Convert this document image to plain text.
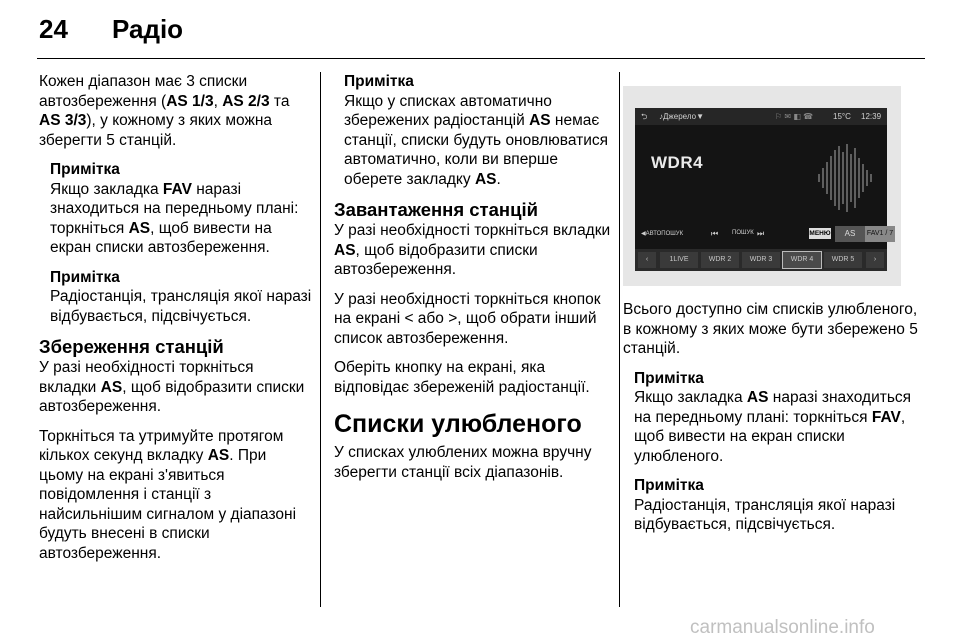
24 Радіо

Кожен діапазон має 3 списки автозбереження (AS 1/3, AS 2/3 та AS 3/3), у кожному з яких можна зберегти 5 станцій.

Примітка
Якщо закладка FAV наразі знаходиться на передньому плані: торкніться AS, щоб вивести на екран списки автозбереження.
Примітка
Радіостанція, трансляція якої наразі відбувається, підсвічується.
Збереження станцій

У разі необхідності торкніться вкладки AS, щоб відобразити списки автозбереження.

Торкніться та утримуйте протягом кількох секунд вкладку AS. При цьому на екрані з'явиться повідомлення і станції з найсильнішим сигналом у діапазоні будуть внесені в списки автозбереження.

Примітка
Якщо у списках автоматично збережених радіостанцій AS немає станції, списки будуть оновлюватися автоматично, коли ви вперше оберете закладку AS.
Завантаження станцій

У разі необхідності торкніться вкладки AS, щоб відобразити списки автозбереження.

У разі необхідності торкніться кнопок на екрані < або >, щоб обрати інший список автозбереження.

Оберіть кнопку на екрані, яка відповідає збереженій радіостанції.

Списки улюбленого

У списках улюблених можна вручну зберегти станції всіх діапазонів.

⮌ ♪Джерело▼	⚐ ✉ ◧ ☎ 15°C 12:39
WDR4
◀АВТОПОШУК	⏮ ПОШУК ⏭	МЕНЮ	AS	FAV1 / 7
‹	1LIVE	WDR 2	WDR 3	WDR 4	WDR 5	›

Всього доступно сім списків улюбленого, в кожному з яких може бути збережено 5 станцій.

Примітка
Якщо закладка AS наразі знаходиться на передньому плані: торкніться FAV, щоб вивести на екран списки улюбленого.
Примітка
Радіостанція, трансляція якої наразі відбувається, підсвічується.
carmanualsonline.info
